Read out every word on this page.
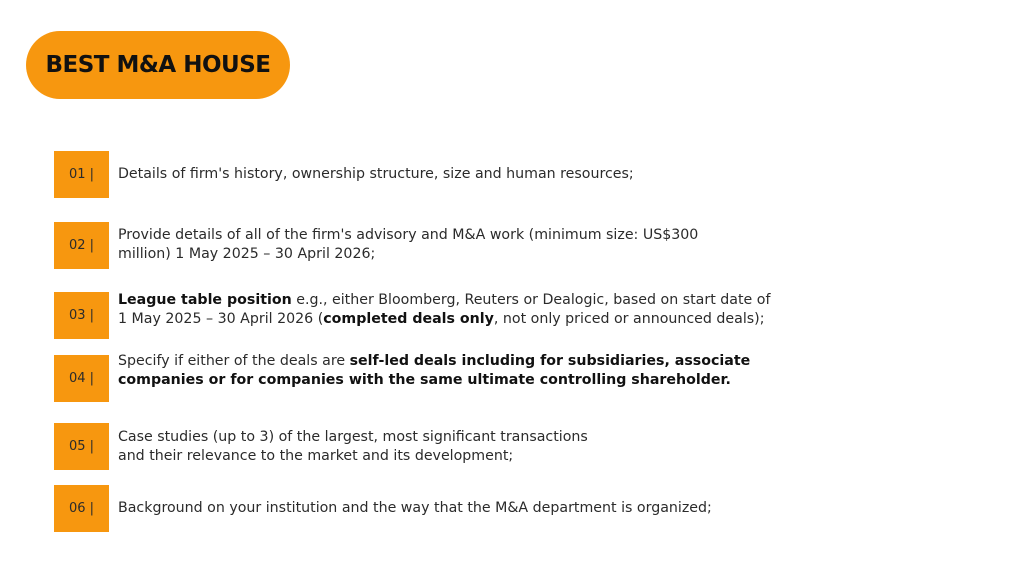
BEST M&A HOUSE
01 |	Details of firm's history, ownership structure, size and human resources;
02 |
Provide details of all of the firm's advisory and M&A work (minimum size: US$300
million) 1 May 2025 – 30 April 2026;
03 |
League table position e.g., either Bloomberg, Reuters or Dealogic, based on start date of
1 May 2025 – 30 April 2026 (completed deals only, not only priced or announced deals);
04 |
Specify if either of the deals are self-led deals including for subsidiaries, associate
companies or for companies with the same ultimate controlling shareholder.
05 |
Case studies (up to 3) of the largest, most significant transactions
and their relevance to the market and its development;
06 |	Background on your institution and the way that the M&A department is organized;
